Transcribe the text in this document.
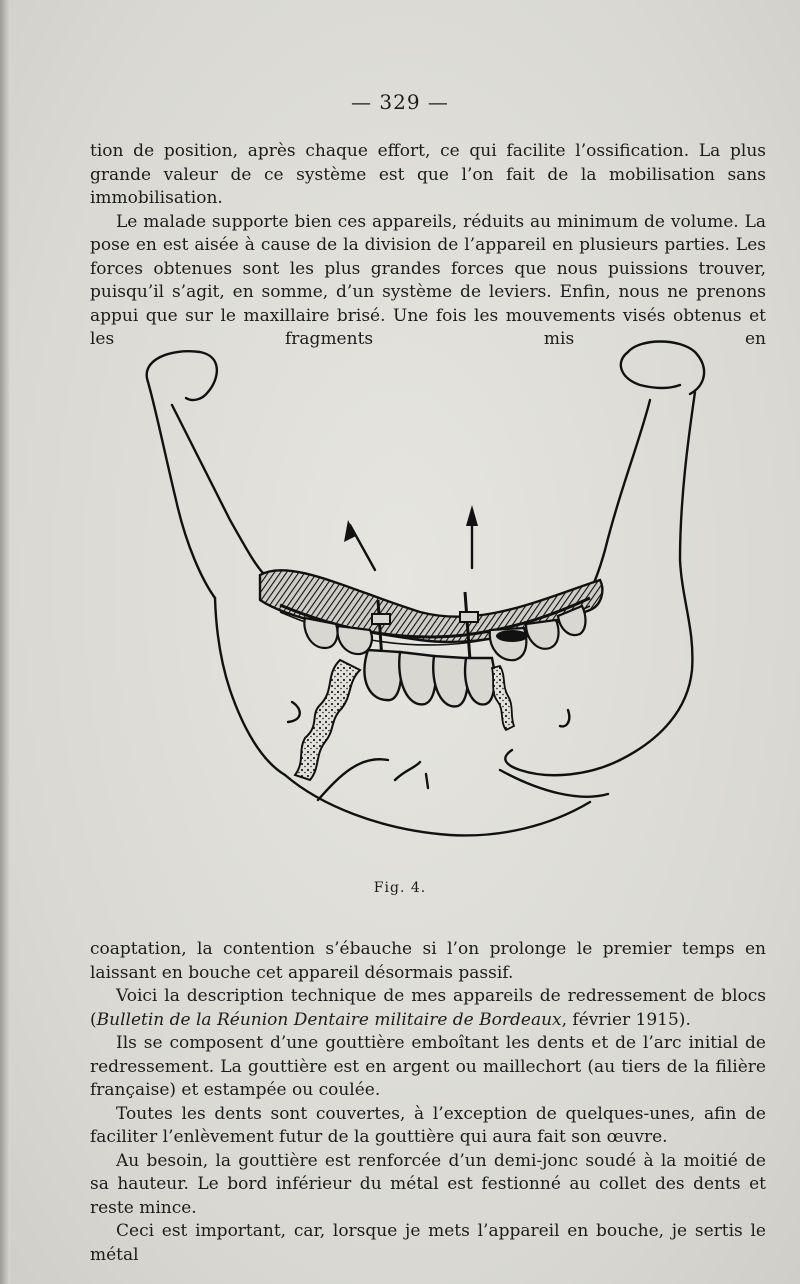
— 329 —

tion de position, après chaque effort, ce qui facilite l’ossification. La plus grande valeur de ce système est que l’on fait de la mobilisation sans immobilisation.

Le malade supporte bien ces appareils, réduits au minimum de volume. La pose en est aisée à cause de la division de l’appareil en plusieurs parties. Les forces obtenues sont les plus grandes forces que nous puissions trouver, puisqu’il s’agit, en somme, d’un système de leviers. Enfin, nous ne prenons appui que sur le maxillaire brisé. Une fois les mouvements visés obtenus et les fragments mis en

Fig. 4.

coaptation, la contention s’ébauche si l’on prolonge le premier temps en laissant en bouche cet appareil désormais passif.

Voici la description technique de mes appareils de redressement de blocs (Bulletin de la Réunion Dentaire militaire de Bordeaux, février 1915).

Ils se composent d’une gouttière emboîtant les dents et de l’arc initial de redressement. La gouttière est en argent ou maillechort (au tiers de la filière française) et estampée ou coulée.

Toutes les dents sont couvertes, à l’exception de quelques-unes, afin de faciliter l’enlèvement futur de la gouttière qui aura fait son œuvre.

Au besoin, la gouttière est renforcée d’un demi-jonc soudé à la moitié de sa hauteur. Le bord inférieur du métal est festionné au collet des dents et reste mince.

Ceci est important, car, lorsque je mets l’appareil en bouche, je sertis le métal
